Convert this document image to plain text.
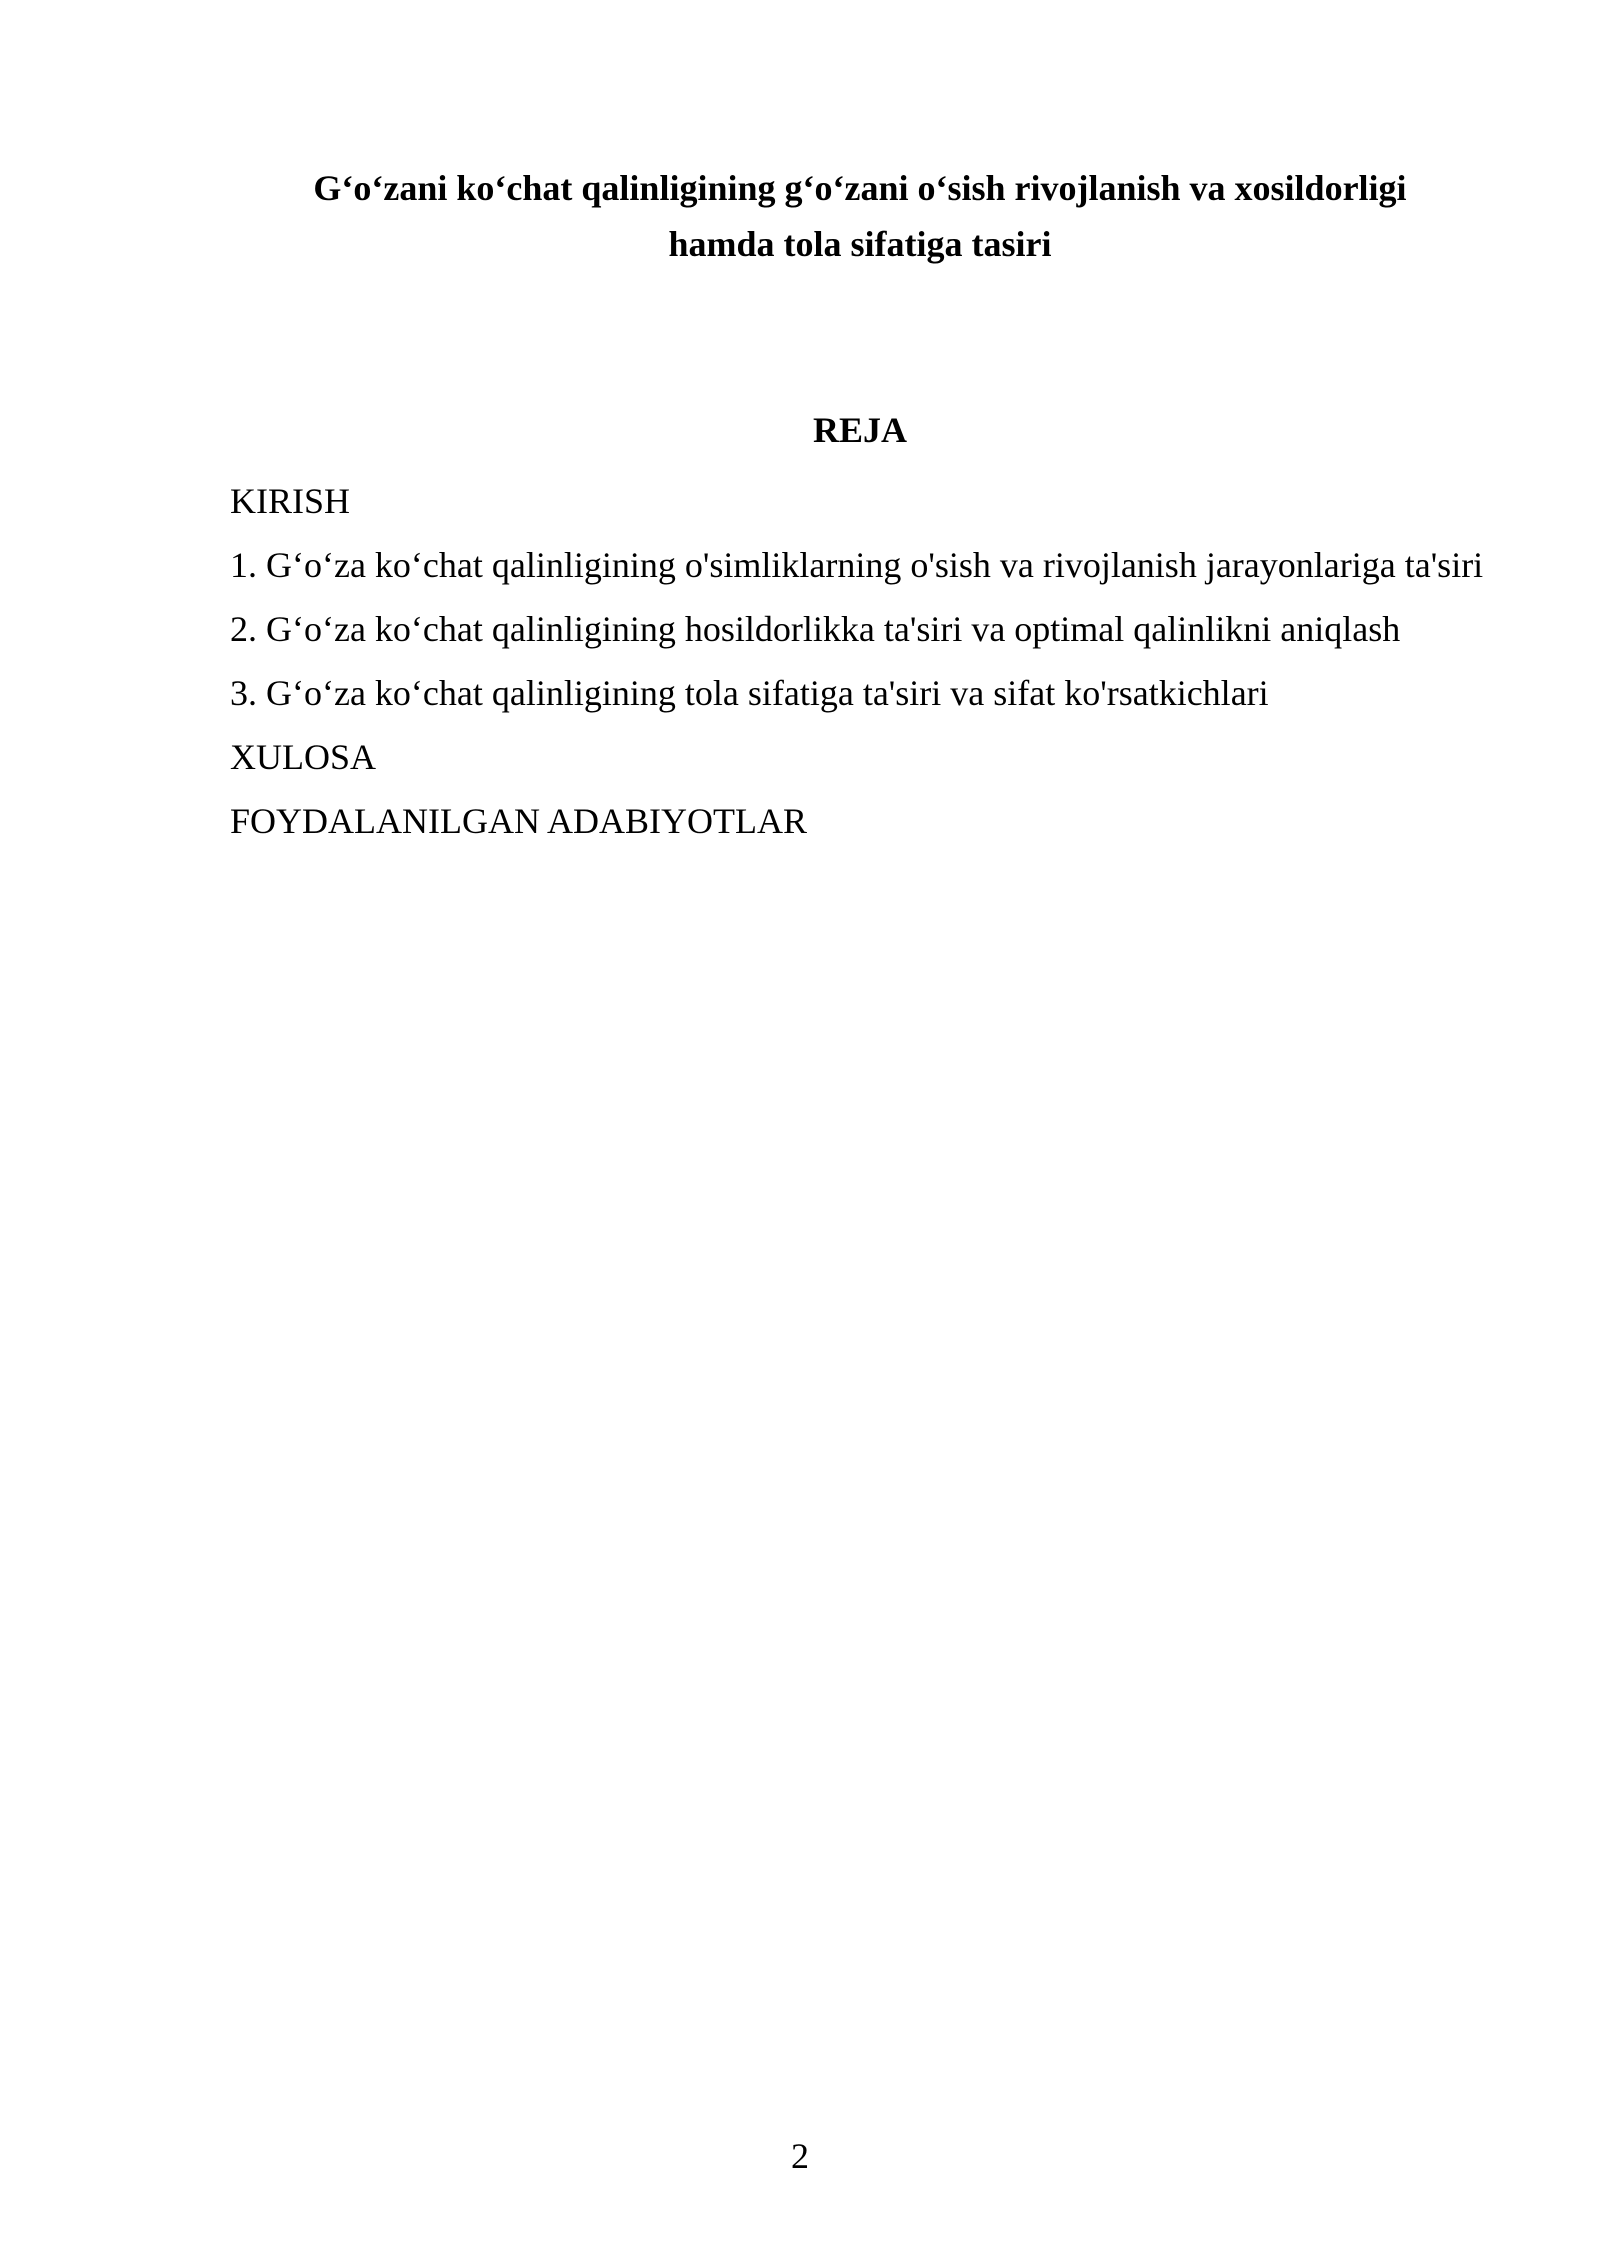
G‘o‘zani ko‘chat qalinligining g‘o‘zani o‘sish rivojlanish va xosildorligi
hamda tola sifatiga tasiri
REJA
KIRISH
1. G‘o‘za ko‘chat qalinligining o'simliklarning o'sish va rivojlanish jarayonlariga ta'siri
2. G‘o‘za ko‘chat qalinligining hosildorlikka ta'siri va optimal qalinlikni aniqlash
3. G‘o‘za ko‘chat qalinligining tola sifatiga ta'siri va sifat ko'rsatkichlari
XULOSA
FOYDALANILGAN ADABIYOTLAR
2
